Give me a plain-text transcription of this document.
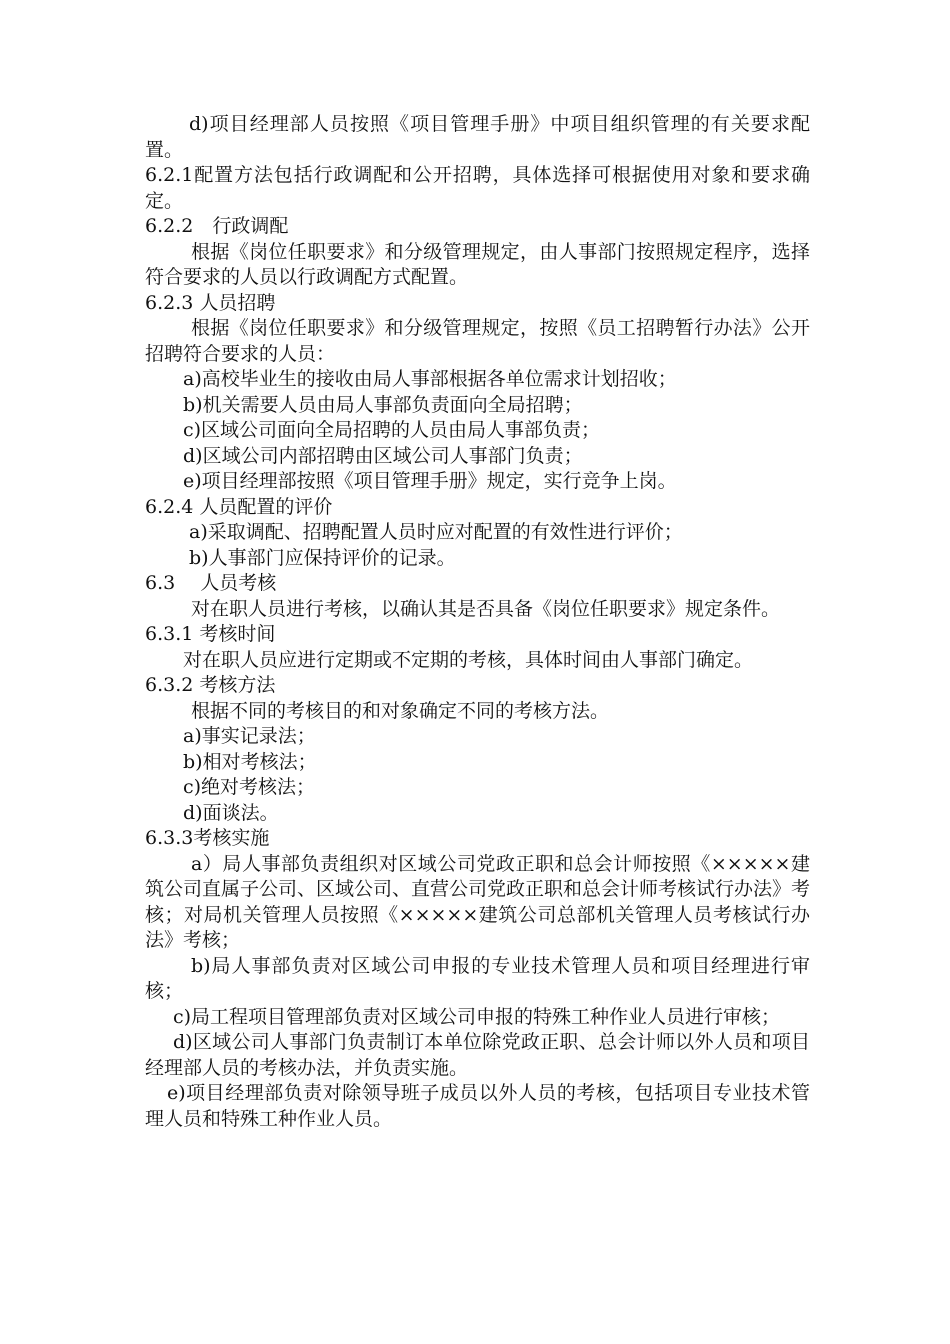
d)项目经理部人员按照《项目管理手册》中项目组织管理的有关要求配置。

6.2.1配置方法包括行政调配和公开招聘，具体选择可根据使用对象和要求确定。

6.2.2　行政调配

根据《岗位任职要求》和分级管理规定，由人事部门按照规定程序，选择符合要求的人员以行政调配方式配置。

6.2.3 人员招聘

根据《岗位任职要求》和分级管理规定，按照《员工招聘暂行办法》公开招聘符合要求的人员：

a)高校毕业生的接收由局人事部根据各单位需求计划招收；

b)机关需要人员由局人事部负责面向全局招聘；

c)区域公司面向全局招聘的人员由局人事部负责；

d)区域公司内部招聘由区域公司人事部门负责；

e)项目经理部按照《项目管理手册》规定，实行竞争上岗。

6.2.4 人员配置的评价

a)采取调配、招聘配置人员时应对配置的有效性进行评价；

b)人事部门应保持评价的记录。

6.3　 人员考核

对在职人员进行考核，以确认其是否具备《岗位任职要求》规定条件。

6.3.1 考核时间

对在职人员应进行定期或不定期的考核，具体时间由人事部门确定。

6.3.2 考核方法

根据不同的考核目的和对象确定不同的考核方法。

a)事实记录法；

b)相对考核法；

c)绝对考核法；

d)面谈法。

6.3.3考核实施

a）局人事部负责组织对区域公司党政正职和总会计师按照《×××××建筑公司直属子公司、区域公司、直营公司党政正职和总会计师考核试行办法》考核；对局机关管理人员按照《×××××建筑公司总部机关管理人员考核试行办法》考核；

b)局人事部负责对区域公司申报的专业技术管理人员和项目经理进行审核；

c)局工程项目管理部负责对区域公司申报的特殊工种作业人员进行审核；

d)区域公司人事部门负责制订本单位除党政正职、总会计师以外人员和项目经理部人员的考核办法，并负责实施。

e)项目经理部负责对除领导班子成员以外人员的考核，包括项目专业技术管理人员和特殊工种作业人员。
